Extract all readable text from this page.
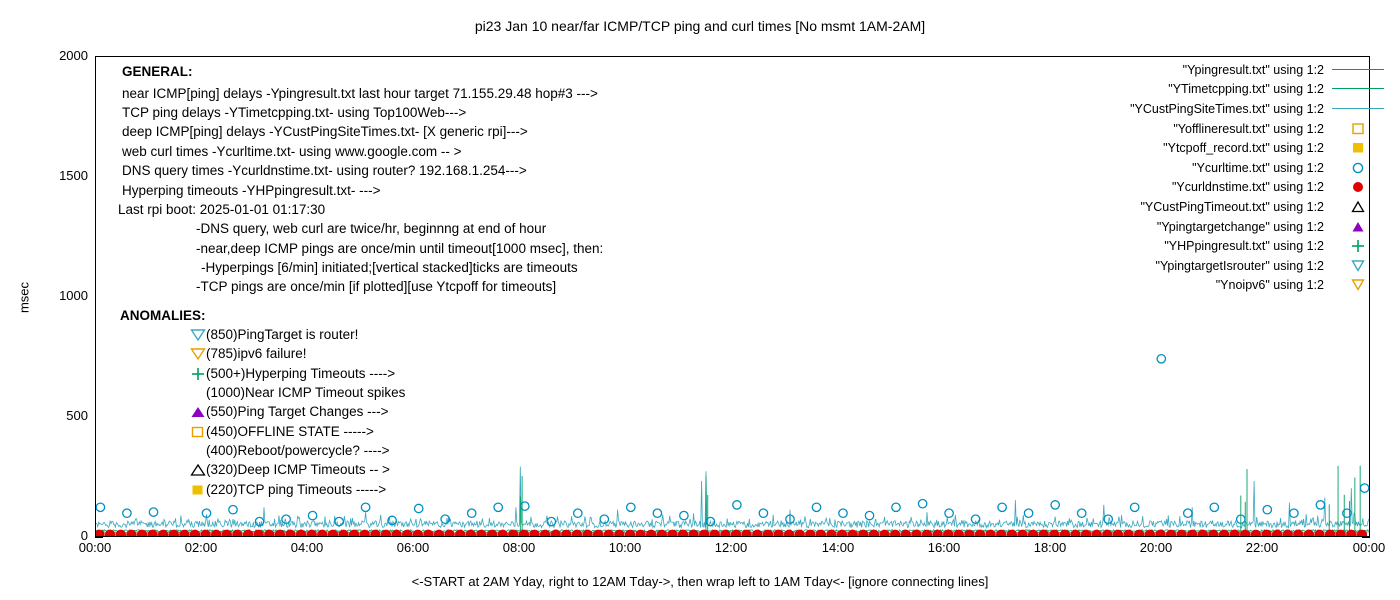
pi23 Jan 10 near/far ICMP/TCP ping and curl times [No msmt 1AM-2AM]
msec
0
500
1000
1500
2000
00:00	02:00	04:00	06:00	08:00	10:00	12:00	14:00	16:00	18:00	20:00	22:00	00:00
<-START at 2AM Yday, right to 12AM Tday->, then wrap left to 1AM Tday<- [ignore connecting lines]
GENERAL:
near ICMP[ping] delays -Ypingresult.txt last hour target 71.155.29.48 hop#3 --->
TCP ping delays -YTimetcpping.txt- using Top100Web--->
deep ICMP[ping] delays -YCustPingSiteTimes.txt- [X generic rpi]--->
web curl times -Ycurltime.txt- using www.google.com -- >
DNS query times -Ycurldnstime.txt- using router? 192.168.1.254--->
Hyperping timeouts -YHPpingresult.txt- --->
Last rpi boot: 2025-01-01 01:17:30
-DNS query, web curl are twice/hr, beginnng at end of hour
-near,deep ICMP pings are once/min until timeout[1000 msec], then:
-Hyperpings [6/min] initiated;[vertical stacked]ticks are timeouts
-TCP pings are once/min [if plotted][use Ytcpoff for timeouts]
ANOMALIES:
(850)PingTarget is router!
(785)ipv6 failure!
(500+)Hyperping Timeouts ---->
(1000)Near ICMP Timeout spikes
(550)Ping Target Changes --->
(450)OFFLINE STATE ----->
(400)Reboot/powercycle? ---->
(320)Deep ICMP Timeouts -- >
(220)TCP ping Timeouts ----->
"Ypingresult.txt" using 1:2
"YTimetcpping.txt" using 1:2
"YCustPingSiteTimes.txt" using 1:2
"Yofflineresult.txt" using 1:2
"Ytcpoff_record.txt" using 1:2
"Ycurltime.txt" using 1:2
"Ycurldnstime.txt" using 1:2
"YCustPingTimeout.txt" using 1:2
"Ypingtargetchange" using 1:2
"YHPpingresult.txt" using 1:2
"YpingtargetIsrouter" using 1:2
"Ynoipv6" using 1:2
